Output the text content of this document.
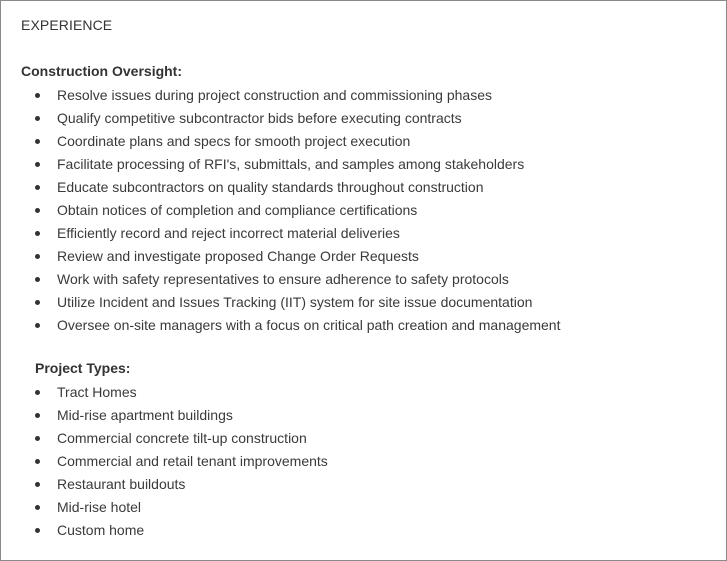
EXPERIENCE
Construction Oversight:
Resolve issues during project construction and commissioning phases
Qualify competitive subcontractor bids before executing contracts
Coordinate plans and specs for smooth project execution
Facilitate processing of RFI's, submittals, and samples among stakeholders
Educate subcontractors on quality standards throughout construction
Obtain notices of completion and compliance certifications
Efficiently record and reject incorrect material deliveries
Review and investigate proposed Change Order Requests
Work with safety representatives to ensure adherence to safety protocols
Utilize Incident and Issues Tracking (IIT) system for site issue documentation
Oversee on-site managers with a focus on critical path creation and management
Project Types:
Tract Homes
Mid-rise apartment buildings
Commercial concrete tilt-up construction
Commercial and retail tenant improvements
Restaurant buildouts
Mid-rise hotel
Custom home
